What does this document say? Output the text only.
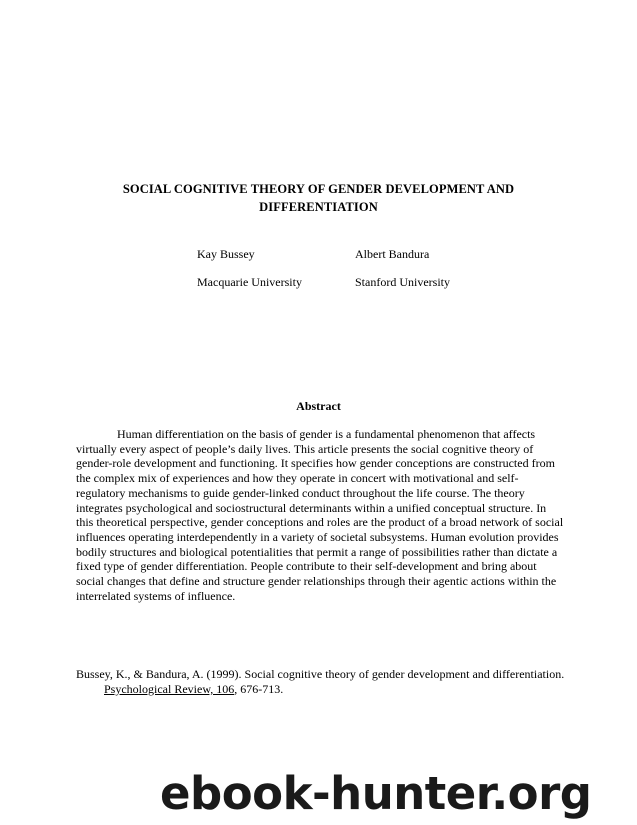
SOCIAL COGNITIVE THEORY OF GENDER DEVELOPMENT AND
DIFFERENTIATION
Kay Bussey	Albert Bandura
Macquarie University	Stanford University
Abstract

Human differentiation on the basis of gender is a fundamental phenomenon that affects virtually every aspect of people’s daily lives. This article presents the social cognitive theory of gender-role development and functioning. It specifies how gender conceptions are constructed from the complex mix of experiences and how they operate in concert with motivational and self-regulatory mechanisms to guide gender-linked conduct throughout the life course. The theory integrates psychological and sociostructural determinants within a unified conceptual structure. In this theoretical perspective, gender conceptions and roles are the product of a broad network of social influences operating interdependently in a variety of societal subsystems. Human evolution provides bodily structures and biological potentialities that permit a range of possibilities rather than dictate a fixed type of gender differentiation. People contribute to their self-development and bring about social changes that define and structure gender relationships through their agentic actions within the interrelated systems of influence.

Bussey, K., & Bandura, A. (1999). Social cognitive theory of gender development and differentiation. Psychological Review, 106, 676-713.

ebook-hunter.org
